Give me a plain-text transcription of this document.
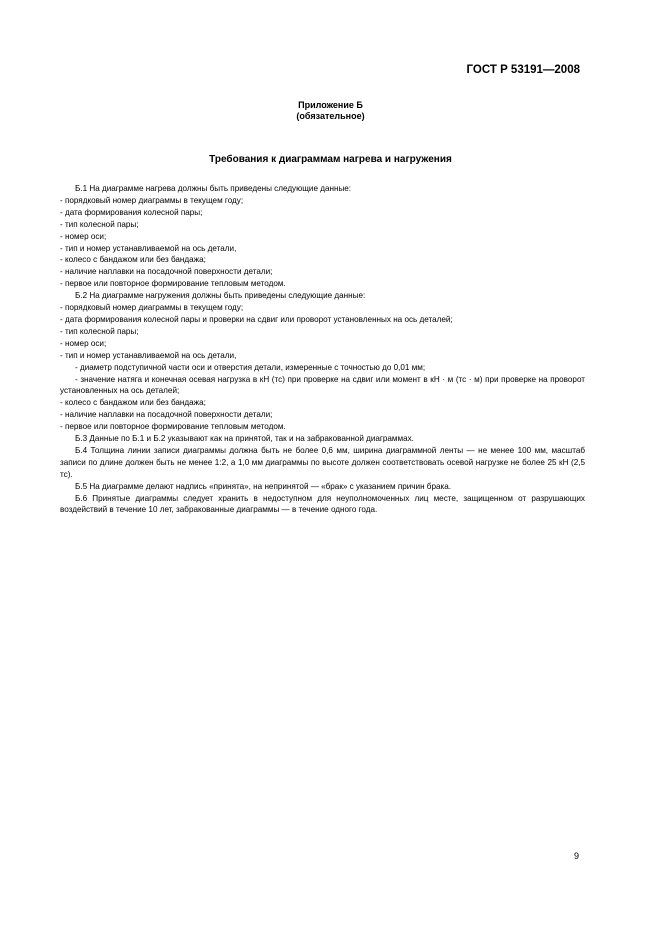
ГОСТ Р 53191—2008
Приложение Б
(обязательное)
Требования к диаграммам нагрева и нагружения

Б.1 На диаграмме нагрева должны быть приведены следующие данные:

- порядковый номер диаграммы в текущем году;

- дата формирования колесной пары;

- тип колесной пары;

- номер оси;

- тип и номер устанавливаемой на ось детали,

- колесо с бандажом или без бандажа;

- наличие наплавки на посадочной поверхности детали;

- первое или повторное формирование тепловым методом.

Б.2 На диаграмме нагружения должны быть приведены следующие данные:

- порядковый номер диаграммы в текущем году;

- дата формирования колесной пары и проверки на сдвиг или проворот установленных на ось деталей;

- тип колесной пары;

- номер оси;

- тип и номер устанавливаемой на ось детали,

- диаметр подступичной части оси и отверстия детали, измеренные с точностью до 0,01 мм;

- значение натяга и конечная осевая нагрузка в кН (тс) при проверке на сдвиг или момент в кН · м (тс · м) при проверке на проворот установленных на ось деталей;

- колесо с бандажом или без бандажа;

- наличие наплавки на посадочной поверхности детали;

- первое или повторное формирование тепловым методом.

Б.3 Данные по Б.1 и Б.2 указывают как на принятой, так и на забракованной диаграммах.

Б.4 Толщина линии записи диаграммы должна быть не более 0,6 мм, ширина диаграммной ленты — не менее 100 мм, масштаб записи по длине должен быть не менее 1:2, а 1,0 мм диаграммы по высоте должен соответствовать осевой нагрузке не более 25 кН (2,5 тс).

Б.5 На диаграмме делают надпись «принята», на непринятой — «брак» с указанием причин брака.

Б.6 Принятые диаграммы следует хранить в недоступном для неуполномоченных лиц месте, защищенном от разрушающих воздействий в течение 10 лет, забракованные диаграммы — в течение одного года.

9
